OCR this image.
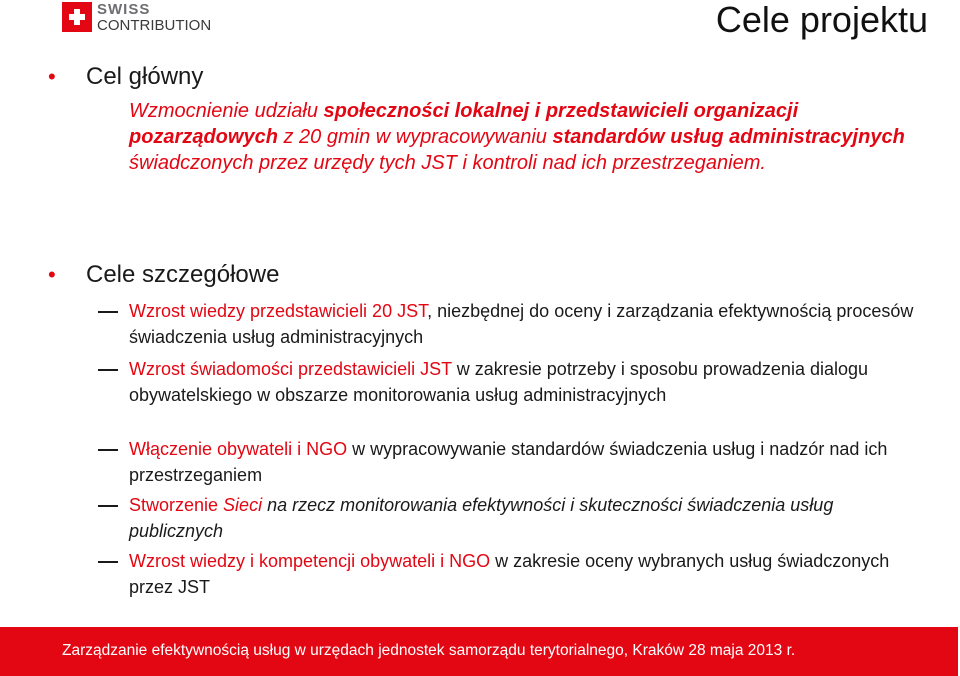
SWISS
CONTRIBUTION	Cele projektu
• Cel główny
Wzmocnienie udziału społeczności lokalnej i przedstawicieli organizacji pozarządowych z 20 gmin w wypracowywaniu standardów usług administracyjnych świadczonych przez urzędy tych JST i kontroli nad ich przestrzeganiem.
• Cele szczegółowe
Wzrost wiedzy przedstawicieli 20 JST, niezbędnej do oceny i zarządzania efektywnością procesów świadczenia usług administracyjnych
Wzrost świadomości przedstawicieli JST w zakresie potrzeby i sposobu prowadzenia dialogu obywatelskiego w obszarze monitorowania usług administracyjnych
Włączenie obywateli i NGO w wypracowywanie standardów świadczenia usług i nadzór nad ich przestrzeganiem
Stworzenie Sieci na rzecz monitorowania efektywności i skuteczności świadczenia usług publicznych
Wzrost wiedzy i kompetencji obywateli i NGO w zakresie oceny wybranych usług świadczonych przez JST
Zarządzanie efektywnością usług w urzędach jednostek samorządu terytorialnego, Kraków 28 maja 2013 r.
